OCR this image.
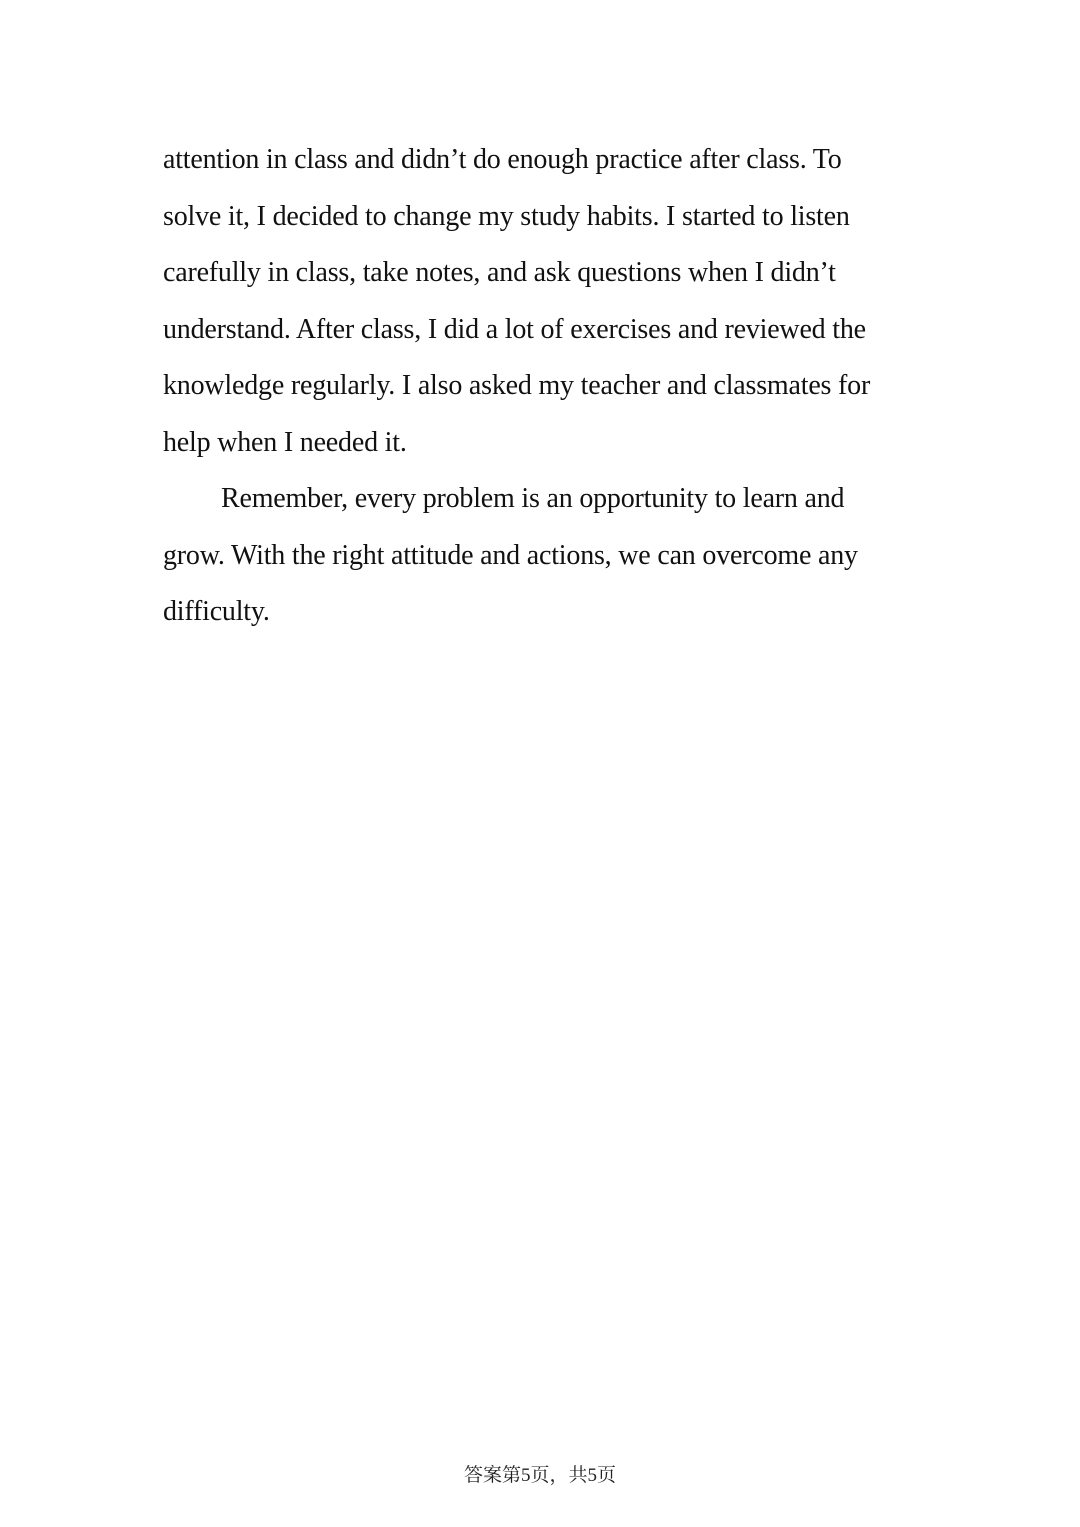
attention in class and didn’t do enough practice after class. To
solve it, I decided to change my study habits. I started to listen
carefully in class, take notes, and ask questions when I didn’t
understand. After class, I did a lot of exercises and reviewed the
knowledge regularly. I also asked my teacher and classmates for
help when I needed it.
Remember, every problem is an opportunity to learn and
grow. With the right attitude and actions, we can overcome any
difficulty.
答案第5页，共5页
